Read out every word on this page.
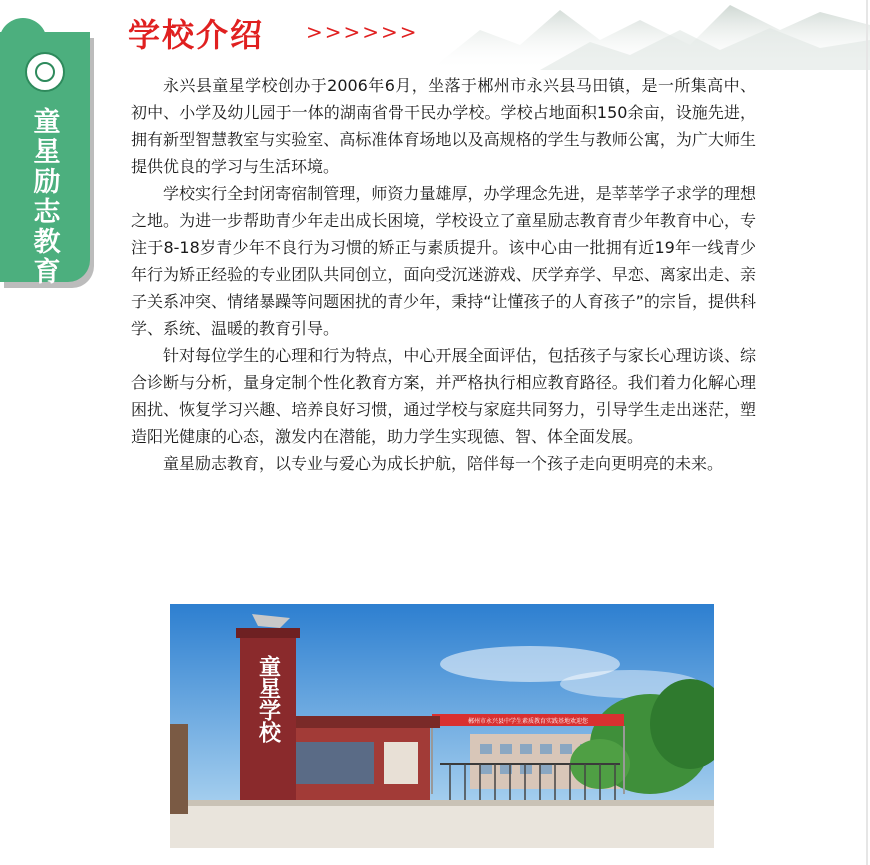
童星励志教育
学校介绍 >>>>>>

永兴县童星学校创办于2006年6月，坐落于郴州市永兴县马田镇，是一所集高中、初中、小学及幼儿园于一体的湖南省骨干民办学校。学校占地面积150余亩，设施先进，拥有新型智慧教室与实验室、高标准体育场地以及高规格的学生与教师公寓，为广大师生提供优良的学习与生活环境。

学校实行全封闭寄宿制管理，师资力量雄厚，办学理念先进，是莘莘学子求学的理想之地。为进一步帮助青少年走出成长困境，学校设立了童星励志教育青少年教育中心，专注于8-18岁青少年不良行为习惯的矫正与素质提升。该中心由一批拥有近19年一线青少年行为矫正经验的专业团队共同创立，面向受沉迷游戏、厌学弃学、早恋、离家出走、亲子关系冲突、情绪暴躁等问题困扰的青少年，秉持“让懂孩子的人育孩子”的宗旨，提供科学、系统、温暖的教育引导。

针对每位学生的心理和行为特点，中心开展全面评估，包括孩子与家长心理访谈、综合诊断与分析，量身定制个性化教育方案，并严格执行相应教育路径。我们着力化解心理困扰、恢复学习兴趣、培养良好习惯，通过学校与家庭共同努力，引导学生走出迷茫，塑造阳光健康的心态，激发内在潜能，助力学生实现德、智、体全面发展。

童星励志教育，以专业与爱心为成长护航，陪伴每一个孩子走向更明亮的未来。

郴州市永兴县中学生素质教育实践基地欢迎您
童星学校
